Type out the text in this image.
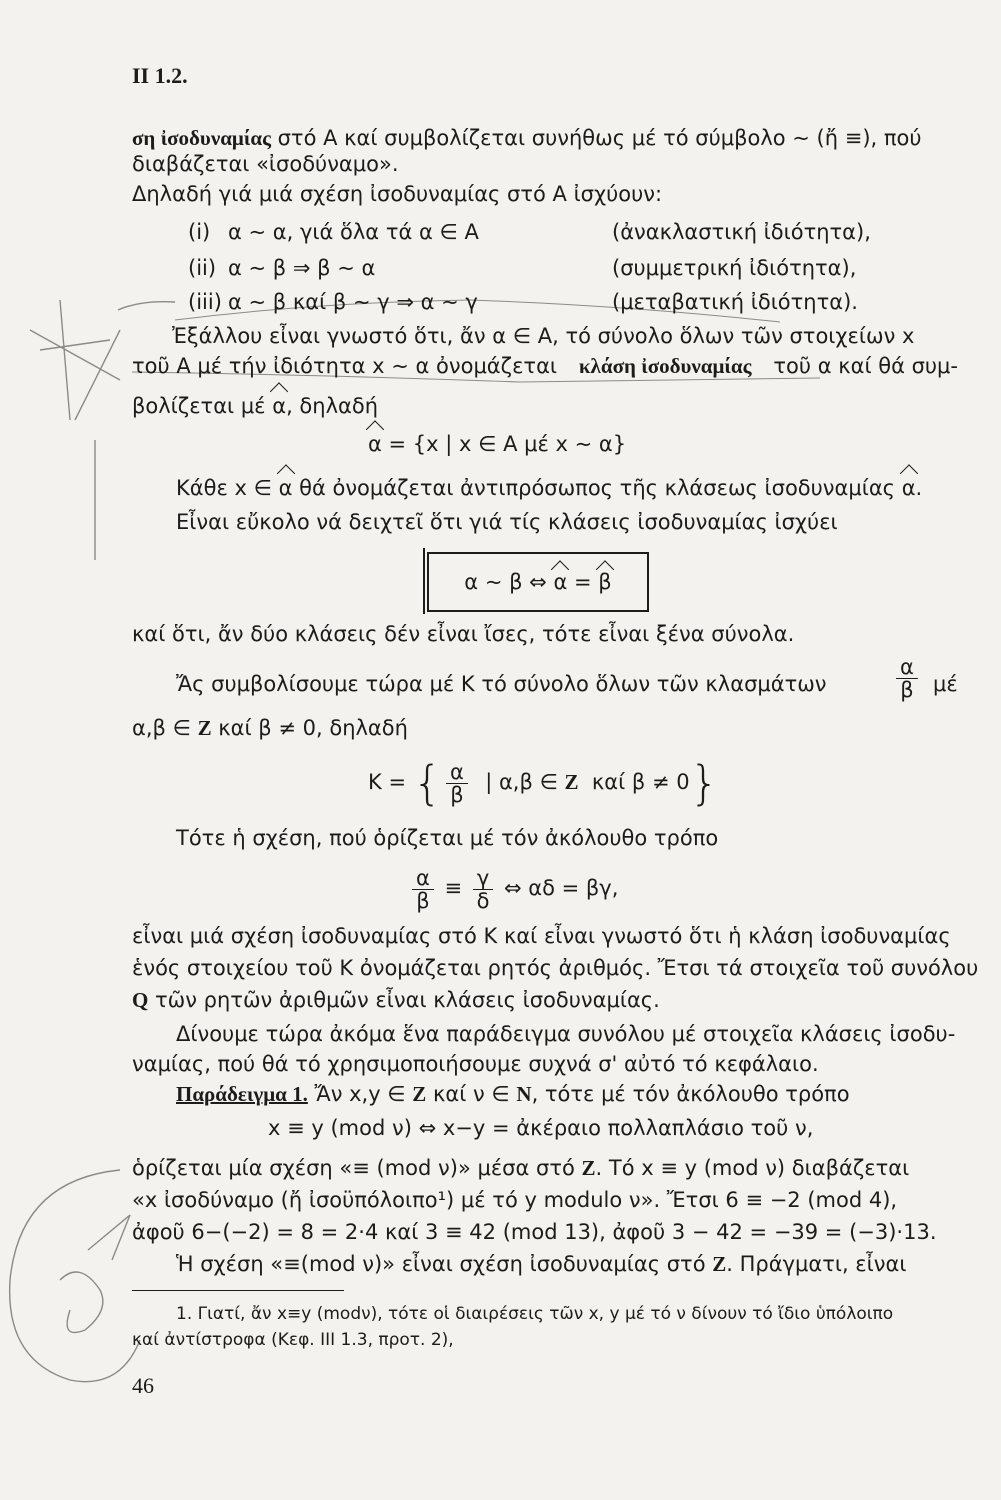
II 1.2.
ση ἰσοδυναμίας στό Α καί συμβολίζεται συνήθως μέ τό σύμβολο ∼ (ἤ ≡), πού
διαβάζεται «ἰσοδύναμο».
Δηλαδή γιά μιά σχέση ἰσοδυναμίας στό Α ἰσχύουν:
(i) α ∼ α, γιά ὅλα τά α ∈ Α	(ἀνακλαστική ἰδιότητα),
(ii) α ∼ β ⇒ β ∼ α	(συμμετρική ἰδιότητα),
(iii) α ∼ β καί β ∼ γ ⇒ α ∼ γ	(μεταβατική ἰδιότητα).
Ἐξάλλου εἶναι γνωστό ὅτι, ἄν α ∈ Α, τό σύνολο ὅλων τῶν στοιχείων x
τοῦ Α μέ τήν ἰδιότητα x ∼ α ὀνομάζεται κλάση ἰσοδυναμίας τοῦ α καί θά συμ-
βολίζεται μέ α, δηλαδή
α = {x | x ∈ Α μέ x ∼ α}
Κάθε x ∈ α θά ὀνομάζεται ἀντιπρόσωπος τῆς κλάσεως ἰσοδυναμίας α.
Εἶναι εὔκολο νά δειχτεῖ ὅτι γιά τίς κλάσεις ἰσοδυναμίας ἰσχύει
α ∼ β ⇔
α
=
β
καί ὅτι, ἄν δύο κλάσεις δέν εἶναι ἴσες, τότε εἶναι ξένα σύνολα.
Ἄς συμβολίσουμε τώρα μέ Κ τό σύνολο ὅλων τῶν κλασμάτων	$\frac{\alpha}{\beta}$ μέ
α,β ∈ Z καί β ≠ 0, δηλαδή
Κ = { $\frac{\alpha}{\beta}$ | α,β ∈ Z καί β ≠ 0}
Τότε ἡ σχέση, πού ὁρίζεται μέ τόν ἀκόλουθο τρόπο
$\frac{\alpha}{\beta} \equiv \frac{\gamma}{\delta}$ ⇔ αδ = βγ,
εἶναι μιά σχέση ἰσοδυναμίας στό Κ καί εἶναι γνωστό ὅτι ἡ κλάση ἰσοδυναμίας
ἑνός στοιχείου τοῦ Κ ὀνομάζεται ρητός ἀριθμός. Ἔτσι τά στοιχεῖα τοῦ συνόλου
Q τῶν ρητῶν ἀριθμῶν εἶναι κλάσεις ἰσοδυναμίας.
Δίνουμε τώρα ἀκόμα ἕνα παράδειγμα συνόλου μέ στοιχεῖα κλάσεις ἰσοδυ-
ναμίας, πού θά τό χρησιμοποιήσουμε συχνά σ' αὐτό τό κεφάλαιο.
Παράδειγμα 1. Ἄν x,y ∈ Z καί ν ∈ N, τότε μέ τόν ἀκόλουθο τρόπο
x ≡ y (mod ν) ⇔ x−y = ἀκέραιο πολλαπλάσιο τοῦ ν,
ὁρίζεται μία σχέση «≡ (mod ν)» μέσα στό Z. Τό x ≡ y (mod ν) διαβάζεται
«x ἰσοδύναμο (ἤ ἰσοϋπόλοιπο¹) μέ τό y modulo ν». Ἔτσι 6 ≡ −2 (mod 4),
ἀφοῦ 6−(−2) = 8 = 2·4 καί 3 ≡ 42 (mod 13), ἀφοῦ 3 − 42 = −39 = (−3)·13.
Ἡ σχέση «≡(mod ν)» εἶναι σχέση ἰσοδυναμίας στό Z. Πράγματι, εἶναι
1. Γιατί, ἄν x≡y (modν), τότε οἱ διαιρέσεις τῶν x, y μέ τό ν δίνουν τό ἴδιο ὑπόλοιπο
καί ἀντίστροφα (Κεφ. ΙΙΙ 1.3, προτ. 2),
46
